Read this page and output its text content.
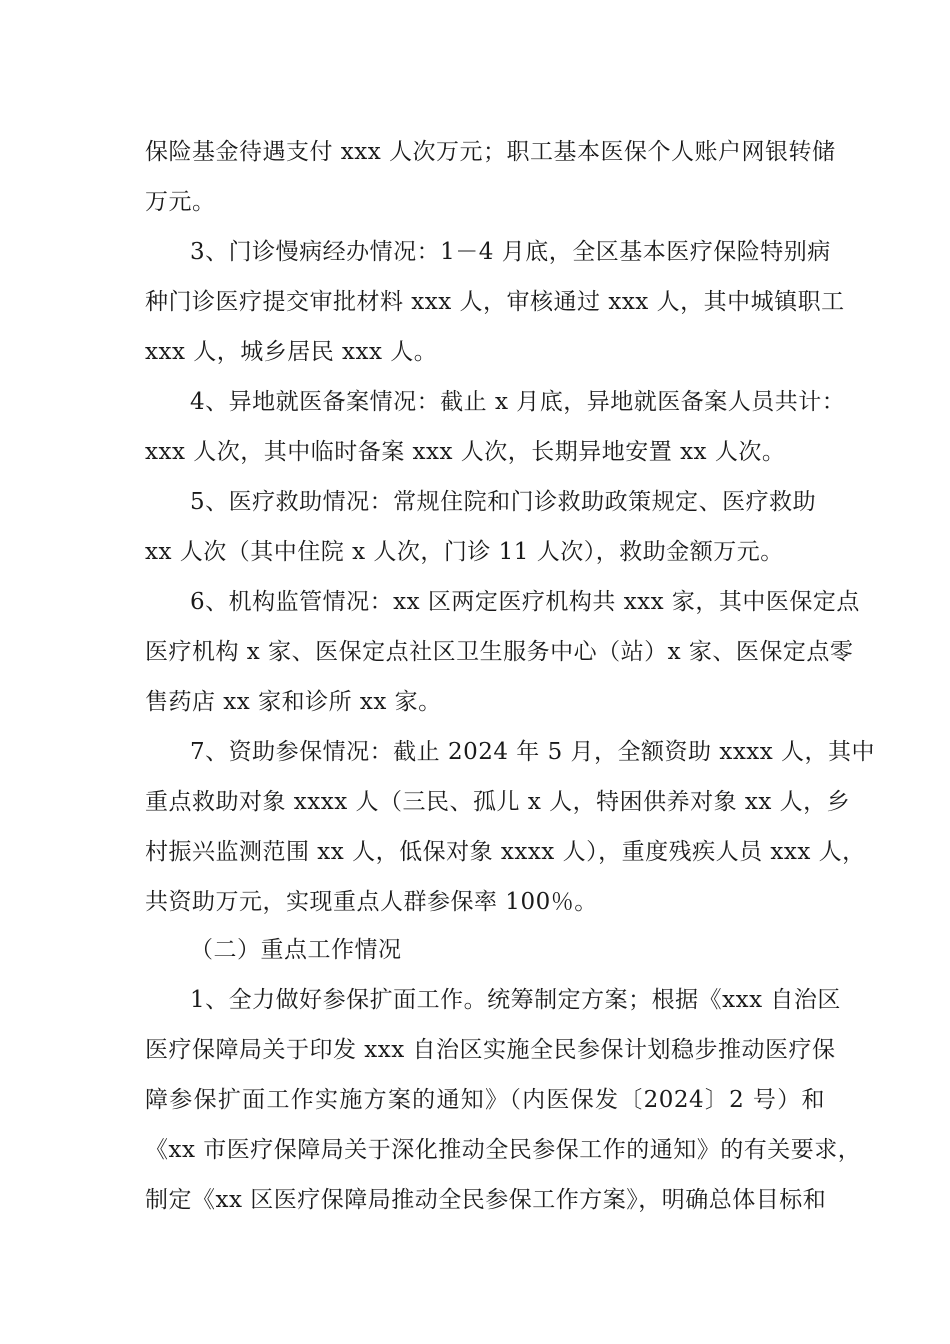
保险基金待遇支付 xxx 人次万元；职工基本医保个人账户网银转储
万元。
3、门诊慢病经办情况：1－4 月底，全区基本医疗保险特别病
种门诊医疗提交审批材料 xxx 人，审核通过 xxx 人，其中城镇职工
xxx 人，城乡居民 xxx 人。
4、异地就医备案情况：截止 x 月底，异地就医备案人员共计：
xxx 人次，其中临时备案 xxx 人次，长期异地安置 xx 人次。
5、医疗救助情况：常规住院和门诊救助政策规定、医疗救助
xx 人次（其中住院 x 人次，门诊 11 人次），救助金额万元。
6、机构监管情况：xx 区两定医疗机构共 xxx 家，其中医保定点
医疗机构 x 家、医保定点社区卫生服务中心（站）x 家、医保定点零
售药店 xx 家和诊所 xx 家。
7、资助参保情况：截止 2024 年 5 月，全额资助 xxxx 人，其中
重点救助对象 xxxx 人（三民、孤儿 x 人，特困供养对象 xx 人，乡
村振兴监测范围 xx 人，低保对象 xxxx 人），重度残疾人员 xxx 人，
共资助万元，实现重点人群参保率 100％。
（二）重点工作情况
1、全力做好参保扩面工作。统筹制定方案；根据《xxx 自治区
医疗保障局关于印发 xxx 自治区实施全民参保计划稳步推动医疗保
障参保扩面工作实施方案的通知》（内医保发〔2024〕2 号）和
《xx 市医疗保障局关于深化推动全民参保工作的通知》的有关要求，
制定《xx 区医疗保障局推动全民参保工作方案》，明确总体目标和
